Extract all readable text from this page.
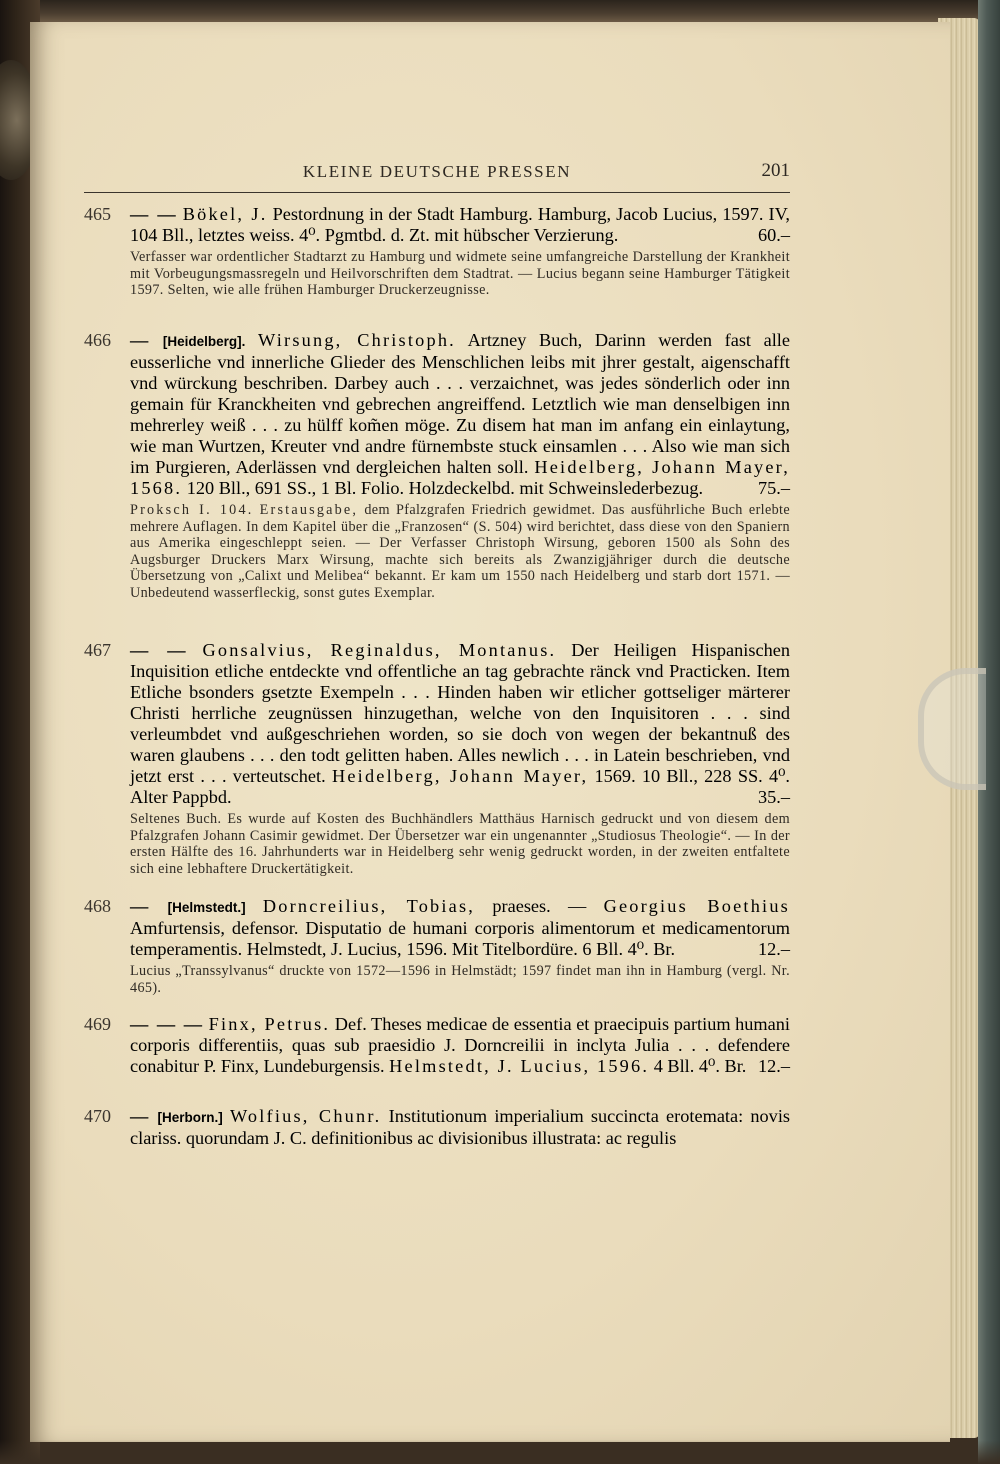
KLEINE DEUTSCHE PRESSEN	201
465 — — Bökel, J. Pestordnung in der Stadt Hamburg. Hamburg, Jacob Lucius, 1597. IV, 104 Bll., letztes weiss. 4⁰. Pgmtbd. d. Zt. mit hübscher Verzierung.	60.–
Verfasser war ordentlicher Stadtarzt zu Hamburg und widmete seine umfangreiche Darstellung der Krankheit mit Vorbeugungsmassregeln und Heilvorschriften dem Stadtrat. — Lucius begann seine Hamburger Tätigkeit 1597. Selten, wie alle frühen Hamburger Druckerzeugnisse.
466 — [Heidelberg]. Wirsung, Christoph. Artzney Buch, Darinn werden fast alle eusserliche vnd innerliche Glieder des Menschlichen leibs mit jhrer gestalt, aigenschafft vnd würckung beschriben. Darbey auch . . . verzaichnet, was jedes sönderlich oder inn gemain für Kranckheiten vnd gebrechen angreiffend. Letztlich wie man denselbigen inn mehrerley weiß . . . zu hülff kom̃en möge. Zu disem hat man im anfang ein einlaytung, wie man Wurtzen, Kreuter vnd andre fürnembste stuck einsamlen . . . Also wie man sich im Purgieren, Aderlässen vnd dergleichen halten soll. Heidelberg, Johann Mayer, 1568. 120 Bll., 691 SS., 1 Bl. Folio. Holzdeckelbd. mit Schweinslederbezug.	75.–
Proksch I. 104. Erstausgabe, dem Pfalzgrafen Friedrich gewidmet. Das ausführliche Buch erlebte mehrere Auflagen. In dem Kapitel über die „Franzosen“ (S. 504) wird berichtet, dass diese von den Spaniern aus Amerika eingeschleppt seien. — Der Verfasser Christoph Wirsung, geboren 1500 als Sohn des Augsburger Druckers Marx Wirsung, machte sich bereits als Zwanzigjähriger durch die deutsche Übersetzung von „Calixt und Melibea“ bekannt. Er kam um 1550 nach Heidelberg und starb dort 1571. — Unbedeutend wasserfleckig, sonst gutes Exemplar.
467 — — Gonsalvius, Reginaldus, Montanus. Der Heiligen Hispanischen Inquisition etliche entdeckte vnd offentliche an tag gebrachte ränck vnd Practicken. Item Etliche bsonders gsetzte Exempeln . . . Hinden haben wir etlicher gottseliger märterer Christi herrliche zeugnüssen hinzugethan, welche von den Inquisitoren . . . sind verleumbdet vnd außgeschriehen worden, so sie doch von wegen der bekantnuß des waren glaubens . . . den todt gelitten haben. Alles newlich . . . in Latein beschrieben, vnd jetzt erst . . . verteutschet. Heidelberg, Johann Mayer, 1569. 10 Bll., 228 SS. 4⁰. Alter Pappbd.	35.–
Seltenes Buch. Es wurde auf Kosten des Buchhändlers Matthäus Harnisch gedruckt und von diesem dem Pfalzgrafen Johann Casimir gewidmet. Der Übersetzer war ein ungenannter „Studiosus Theologie“. — In der ersten Hälfte des 16. Jahrhunderts war in Heidelberg sehr wenig gedruckt worden, in der zweiten entfaltete sich eine lebhaftere Druckertätigkeit.
468 — [Helmstedt.] Dorncreilius, Tobias, praeses. — Georgius Boethius Amfurtensis, defensor. Disputatio de humani corporis alimentorum et medicamentorum temperamentis. Helmstedt, J. Lucius, 1596. Mit Titelbordüre. 6 Bll. 4⁰. Br.	12.–
Lucius „Transsylvanus“ druckte von 1572—1596 in Helmstädt; 1597 findet man ihn in Hamburg (vergl. Nr. 465).
469 — — — Finx, Petrus. Def. Theses medicae de essentia et praecipuis partium humani corporis differentiis, quas sub praesidio J. Dorncreilii in inclyta Julia . . . defendere conabitur P. Finx, Lundeburgensis. Helmstedt, J. Lucius, 1596. 4 Bll. 4⁰. Br. 12.–
470 — [Herborn.] Wolfius, Chunr. Institutionum imperialium succincta erotemata: novis clariss. quorundam J. C. definitionibus ac divisionibus illustrata: ac regulis
